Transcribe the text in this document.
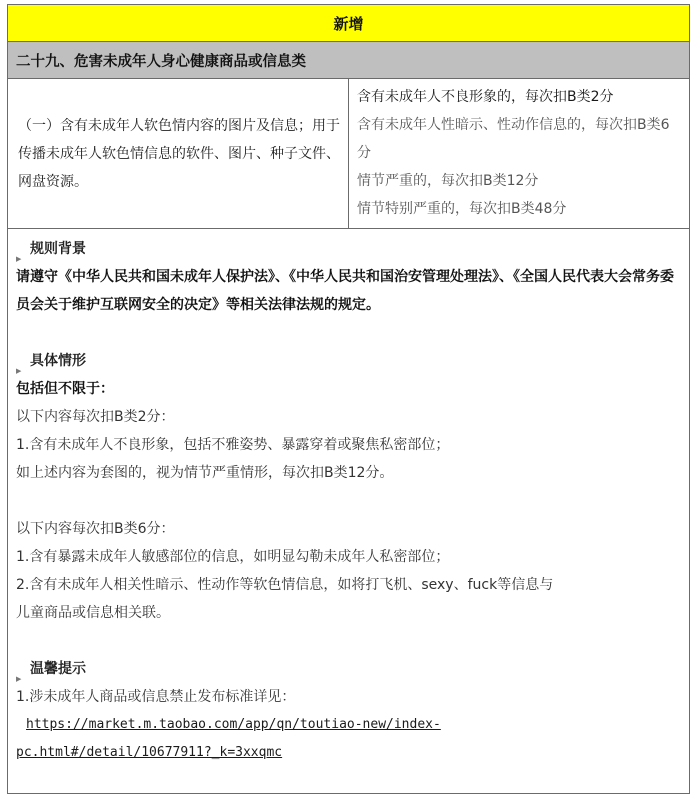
新增
二十九、危害未成年人身心健康商品或信息类

（一）含有未成年人软色情内容的图片及信息；用于传播未成年人软色情信息的软件、图片、种子文件、网盘资源。

含有未成年人不良形象的，每次扣B类2分
含有未成年人性暗示、性动作信息的，每次扣B类6分
情节严重的，每次扣B类12分
情节特别严重的，每次扣B类48分
▶
规则背景
请遵守《中华人民共和国未成年人保护法》、《中华人民共和国治安管理处理法》、《全国人民代表大会常务委员会关于维护互联网安全的决定》等相关法律法规的规定。
▶
具体情形
包括但不限于：
以下内容每次扣B类2分：
1.含有未成年人不良形象，包括不雅姿势、暴露穿着或聚焦私密部位；
如上述内容为套图的，视为情节严重情形，每次扣B类12分。
以下内容每次扣B类6分：
1.含有暴露未成年人敏感部位的信息，如明显勾勒未成年人私密部位；
2.含有未成年人相关性暗示、性动作等软色情信息，如将打飞机、sexy、fuck等信息与
儿童商品或信息相关联。
▶
温馨提示
1.涉未成年人商品或信息禁止发布标准详见：
https://market.m.taobao.com/app/qn/toutiao-new/index-
pc.html#/detail/10677911?_k=3xxqmc
